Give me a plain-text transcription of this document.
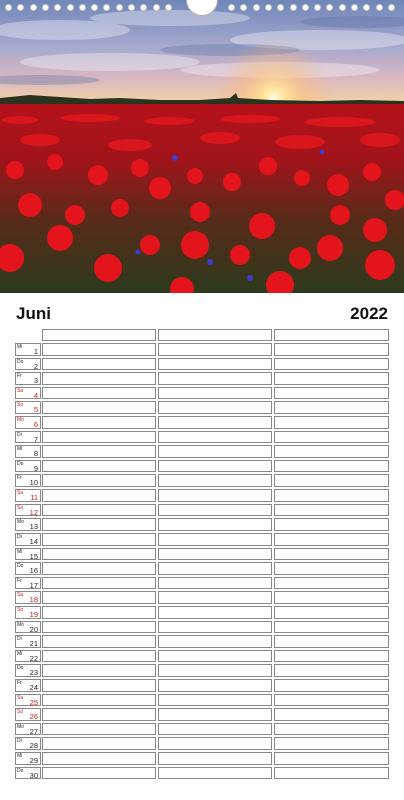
Juni	2022
Mi 1
Do 2
Fr 3
Sa 4
So 5
Mo 6
Di 7
Mi 8
Do 9
Fr 10
Sa 11
So 12
Mo 13
Di 14
Mi 15
Do 16
Fr 17
Sa 18
So 19
Mo 20
Di 21
Mi 22
Do 23
Fr 24
Sa 25
So 26
Mo 27
Di 28
Mi 29
Do 30
